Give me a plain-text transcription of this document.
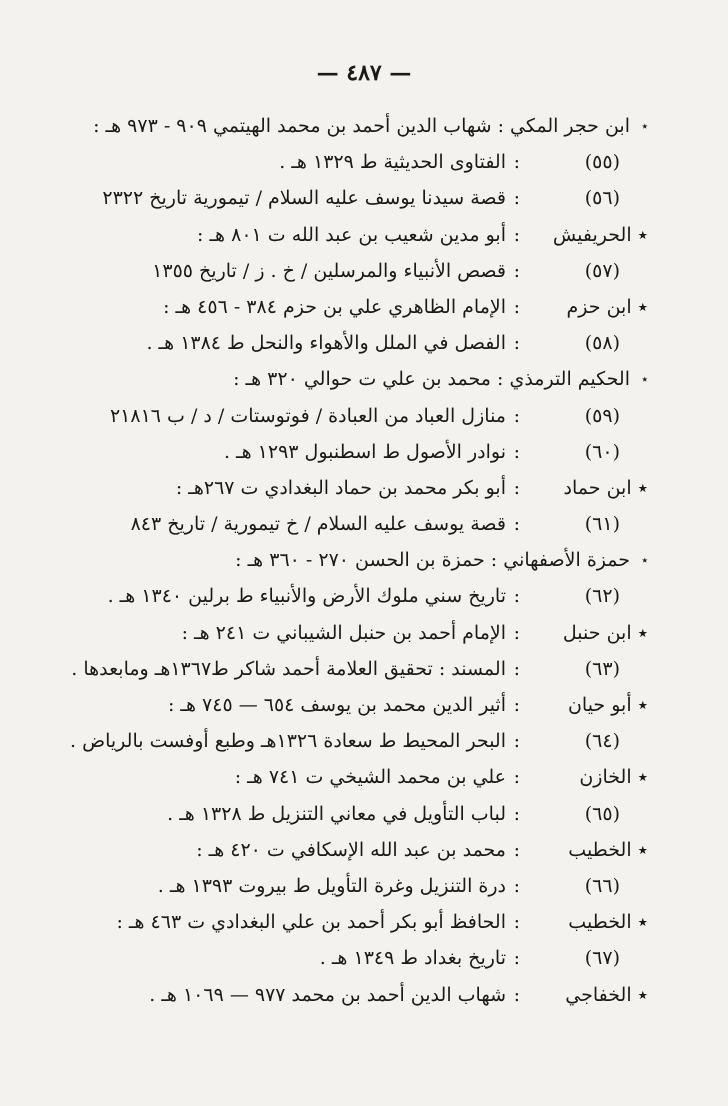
— ٤٨٧ —
٭
ابن حجر المكي : شهاب الدين أحمد بن محمد الهيتمي ٩٠٩ - ٩٧٣ هـ :
(٥٥)
:
الفتاوى الحديثية ط ١٣٢٩ هـ .
(٥٦)
:
قصة سيدنا يوسف عليه السلام / تيمورية تاريخ ٢٣٢٢
٭ الحريفيش
:
أبو مدين شعيب بن عبد الله ت ٨٠١ هـ :
(٥٧)
:
قصص الأنبياء والمرسلين / خ . ز / تاريخ ١٣٥٥
٭ ابن حزم
:
الإمام الظاهري علي بن حزم ٣٨٤ - ٤٥٦ هـ :
(٥٨)
:
الفصل في الملل والأهواء والنحل ط ١٣٨٤ هـ .
٭
الحكيم الترمذي : محمد بن علي ت حوالي ٣٢٠ هـ :
(٥٩)
:
منازل العباد من العبادة / فوتوستات / د / ب ٢١٨١٦
(٦٠)
:
نوادر الأصول ط اسطنبول ١٢٩٣ هـ .
٭ ابن حماد
:
أبو بكر محمد بن حماد البغدادي ت ٢٦٧هـ :
(٦١)
:
قصة يوسف عليه السلام / خ تيمورية / تاريخ ٨٤٣
٭
حمزة الأصفهاني : حمزة بن الحسن ٢٧٠ - ٣٦٠ هـ :
(٦٢)
:
تاريخ سني ملوك الأرض والأنبياء ط برلين ١٣٤٠ هـ .
٭ ابن حنبل
:
الإمام أحمد بن حنبل الشيباني ت ٢٤١ هـ :
(٦٣)
:
المسند : تحقيق العلامة أحمد شاكر ط١٣٦٧هـ ومابعدها .
٭ أبو حيان
:
أثير الدين محمد بن يوسف ٦٥٤ — ٧٤٥ هـ :
(٦٤)
:
البحر المحيط ط سعادة ١٣٢٦هـ وطبع أوفست بالرياض .
٭ الخازن
:
علي بن محمد الشيخي ت ٧٤١ هـ :
(٦٥)
:
لباب التأويل في معاني التنزيل ط ١٣٢٨ هـ .
٭ الخطيب
:
محمد بن عبد الله الإسكافي ت ٤٢٠ هـ :
(٦٦)
:
درة التنزيل وغرة التأويل ط بيروت ١٣٩٣ هـ .
٭ الخطيب
:
الحافظ أبو بكر أحمد بن علي البغدادي ت ٤٦٣ هـ :
(٦٧)
:
تاريخ بغداد ط ١٣٤٩ هـ .
٭ الخفاجي
:
شهاب الدين أحمد بن محمد ٩٧٧ — ١٠٦٩ هـ .
